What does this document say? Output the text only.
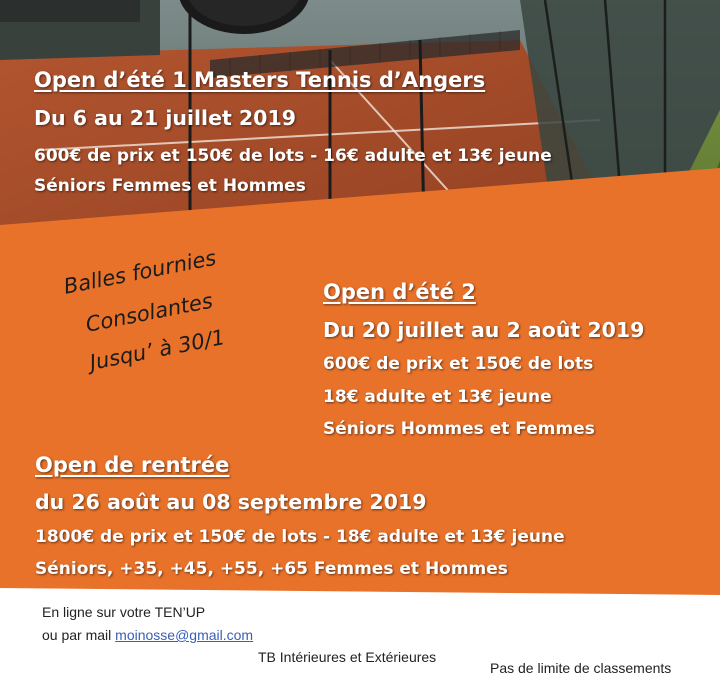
Open d’été 1 Masters Tennis d’Angers
Du 6 au 21 juillet 2019
600€ de prix et 150€ de lots - 16€ adulte et 13€ jeune
Séniors Femmes et Hommes
Balles fournies
Consolantes
Jusqu’ à 30/1
Open d’été 2
Du 20 juillet au 2 août 2019
600€ de prix et 150€ de lots
18€ adulte et 13€ jeune
Séniors Hommes et Femmes
Open de rentrée
du 26 août au 08 septembre 2019
1800€ de prix et 150€ de lots - 18€ adulte et 13€ jeune
Séniors, +35, +45, +55, +65 Femmes et Hommes
En ligne sur votre TEN’UP
ou par mail moinosse@gmail.com
TB Intérieures et Extérieures
Pas de limite de classements
